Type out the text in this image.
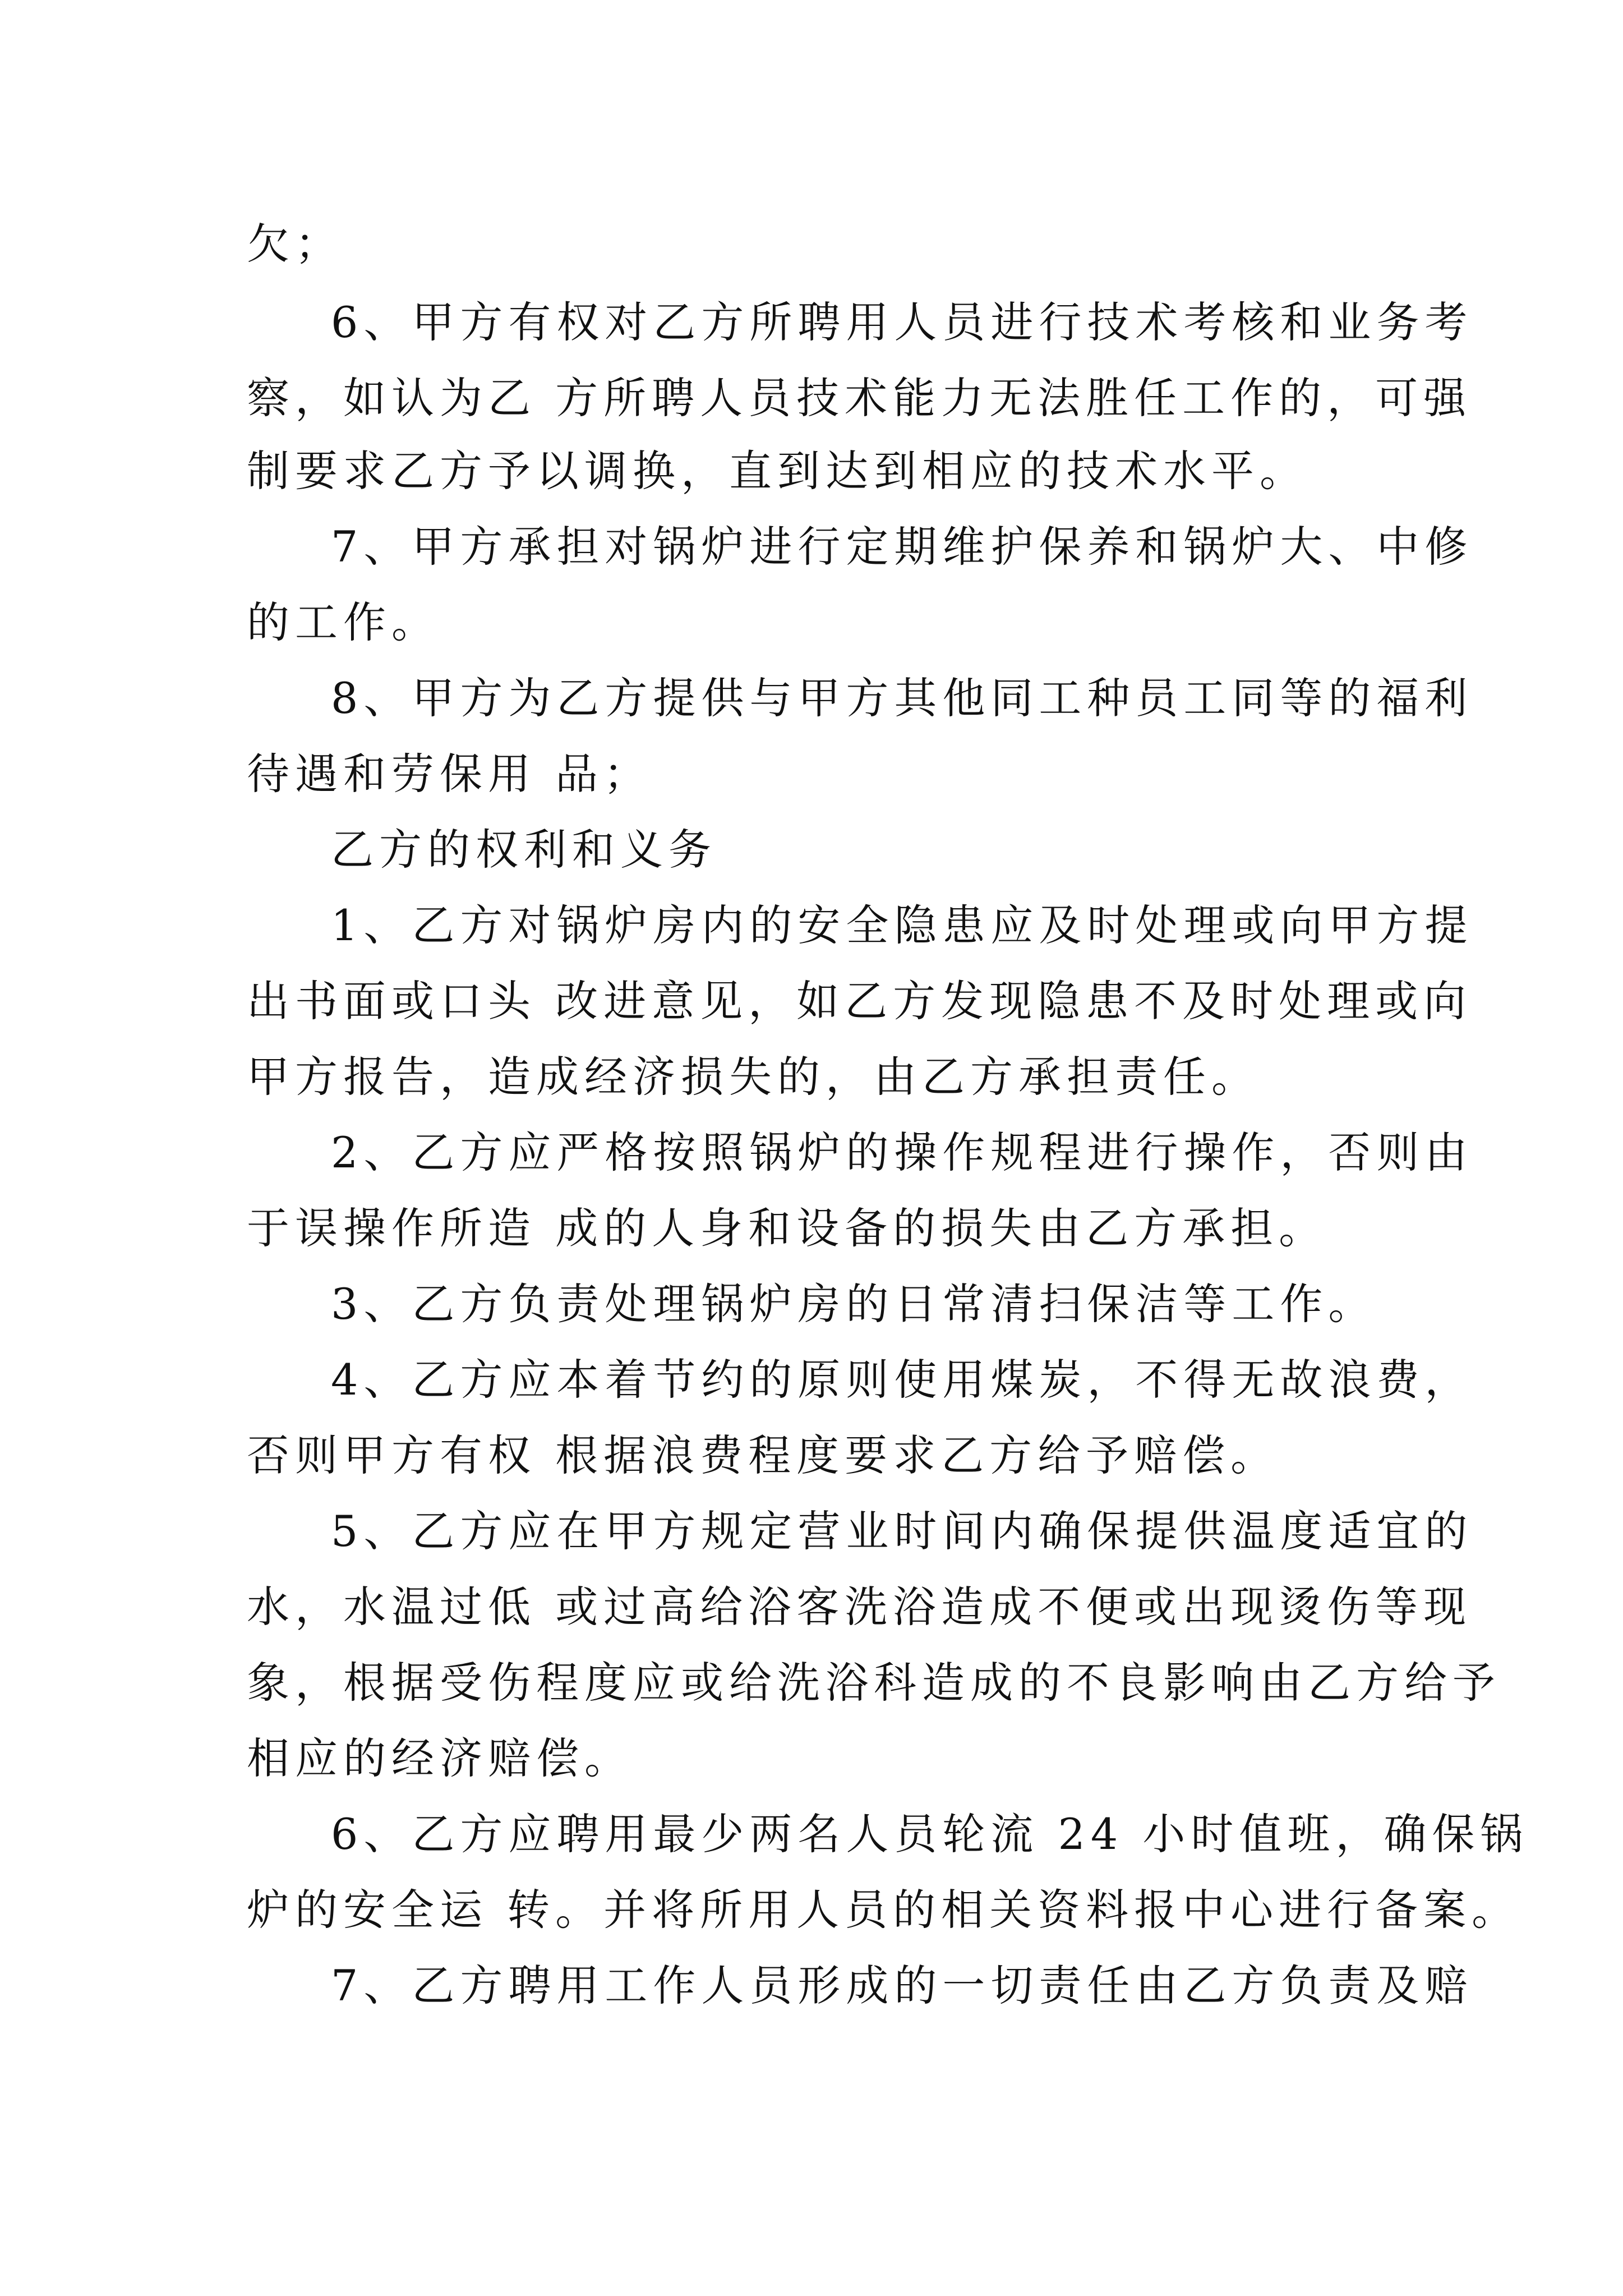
欠；
6、甲方有权对乙方所聘用人员进行技术考核和业务考
察，如认为乙 方所聘人员技术能力无法胜任工作的，可强
制要求乙方予以调换，直到达到相应的技术水平。
7、甲方承担对锅炉进行定期维护保养和锅炉大、中修
的工作。
8、甲方为乙方提供与甲方其他同工种员工同等的福利
待遇和劳保用 品；
乙方的权利和义务
1、乙方对锅炉房内的安全隐患应及时处理或向甲方提
出书面或口头 改进意见，如乙方发现隐患不及时处理或向
甲方报告，造成经济损失的，由乙方承担责任。
2、乙方应严格按照锅炉的操作规程进行操作，否则由
于误操作所造 成的人身和设备的损失由乙方承担。
3、乙方负责处理锅炉房的日常清扫保洁等工作。
4、乙方应本着节约的原则使用煤炭，不得无故浪费，
否则甲方有权 根据浪费程度要求乙方给予赔偿。
5、乙方应在甲方规定营业时间内确保提供温度适宜的
水，水温过低 或过高给浴客洗浴造成不便或出现烫伤等现
象，根据受伤程度应或给洗浴科造成的不良影响由乙方给予
相应的经济赔偿。
6、乙方应聘用最少两名人员轮流 24 小时值班，确保锅
炉的安全运 转。并将所用人员的相关资料报中心进行备案。
7、乙方聘用工作人员形成的一切责任由乙方负责及赔
